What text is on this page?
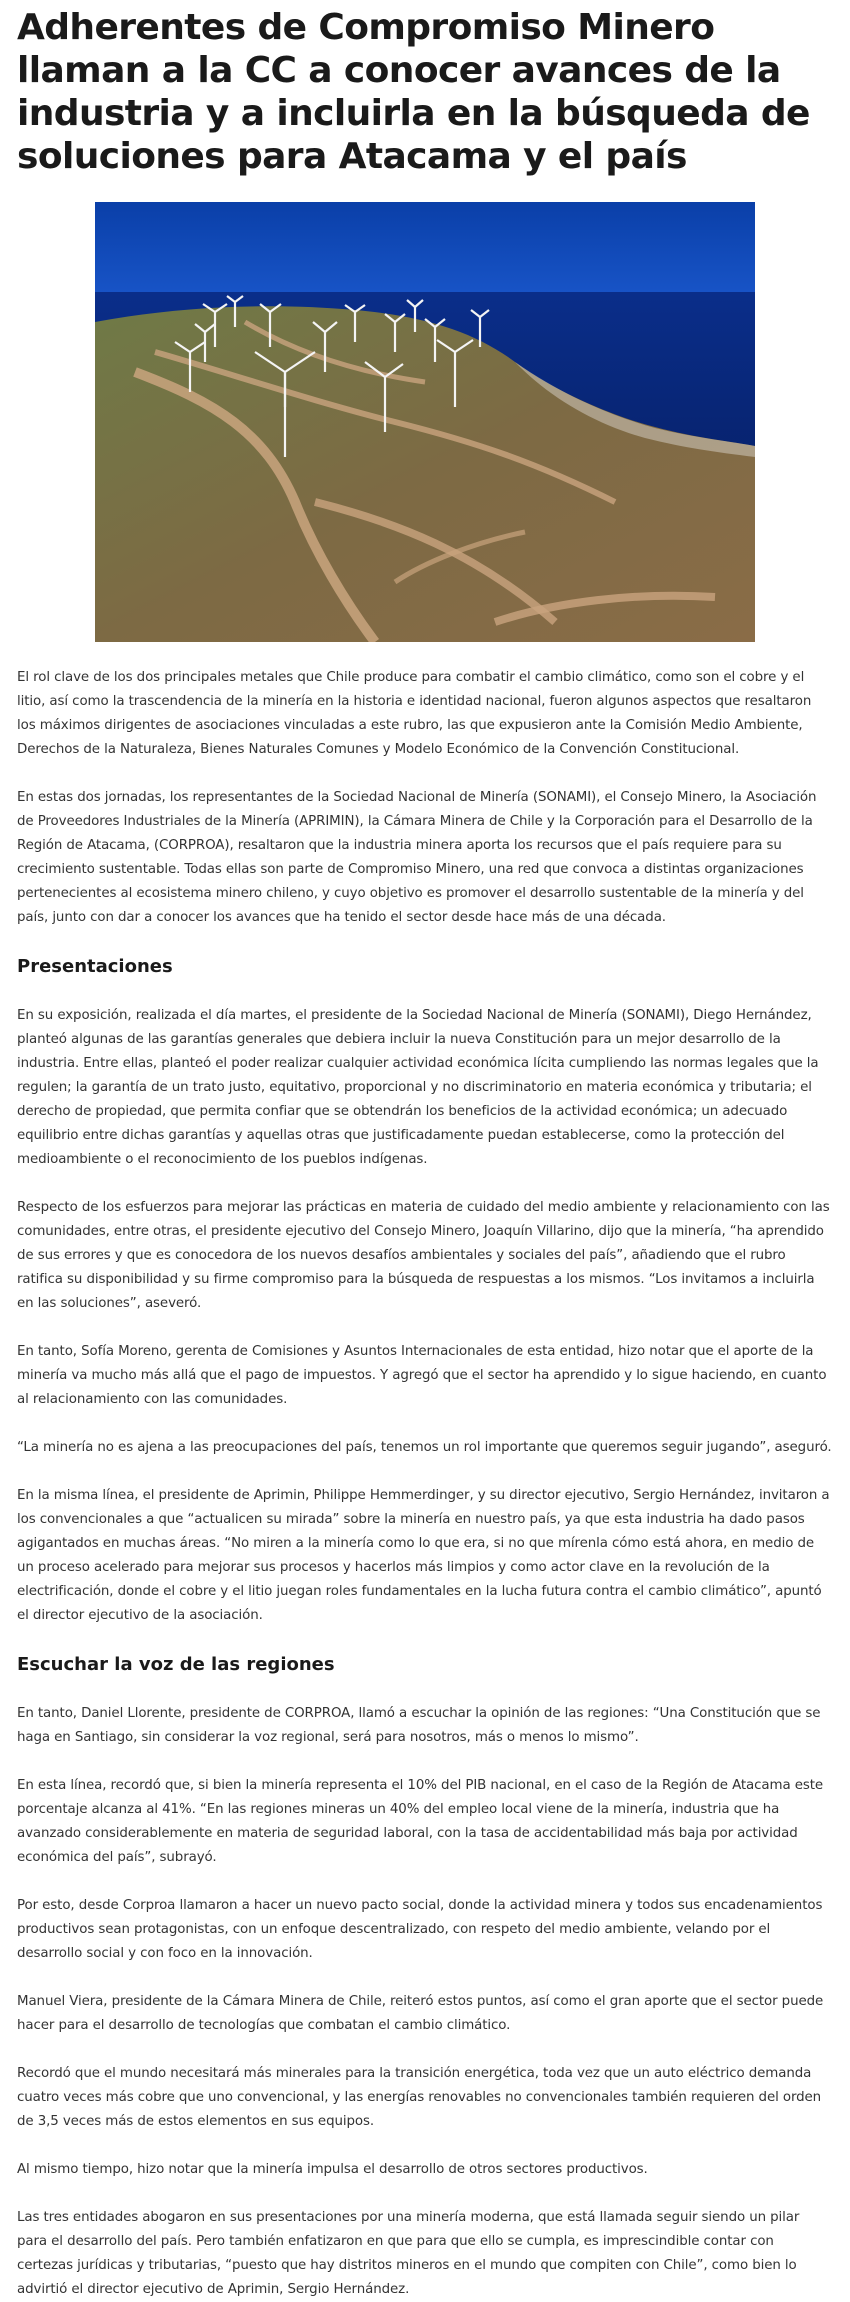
Adherentes de Compromiso Minero llaman a la CC a conocer avances de la industria y a incluirla en la búsqueda de soluciones para Atacama y el país

El rol clave de los dos principales metales que Chile produce para combatir el cambio climático, como son el cobre y el litio, así como la trascendencia de la minería en la historia e identidad nacional, fueron algunos aspectos que resaltaron los máximos dirigentes de asociaciones vinculadas a este rubro, las que expusieron ante la Comisión Medio Ambiente, Derechos de la Naturaleza, Bienes Naturales Comunes y Modelo Económico de la Convención Constitucional.

En estas dos jornadas, los representantes de la Sociedad Nacional de Minería (SONAMI), el Consejo Minero, la Asociación de Proveedores Industriales de la Minería (APRIMIN), la Cámara Minera de Chile y la Corporación para el Desarrollo de la Región de Atacama, (CORPROA), resaltaron que la industria minera aporta los recursos que el país requiere para su crecimiento sustentable. Todas ellas son parte de Compromiso Minero, una red que convoca a distintas organizaciones pertenecientes al ecosistema minero chileno, y cuyo objetivo es promover el desarrollo sustentable de la minería y del país, junto con dar a conocer los avances que ha tenido el sector desde hace más de una década.

Presentaciones

En su exposición, realizada el día martes, el presidente de la Sociedad Nacional de Minería (SONAMI), Diego Hernández, planteó algunas de las garantías generales que debiera incluir la nueva Constitución para un mejor desarrollo de la industria. Entre ellas, planteó el poder realizar cualquier actividad económica lícita cumpliendo las normas legales que la regulen; la garantía de un trato justo, equitativo, proporcional y no discriminatorio en materia económica y tributaria; el derecho de propiedad, que permita confiar que se obtendrán los beneficios de la actividad económica; un adecuado equilibrio entre dichas garantías y aquellas otras que justificadamente puedan establecerse, como la protección del medioambiente o el reconocimiento de los pueblos indígenas.

Respecto de los esfuerzos para mejorar las prácticas en materia de cuidado del medio ambiente y relacionamiento con las comunidades, entre otras, el presidente ejecutivo del Consejo Minero, Joaquín Villarino, dijo que la minería, “ha aprendido de sus errores y que es conocedora de los nuevos desafíos ambientales y sociales del país”, añadiendo que el rubro ratifica su disponibilidad y su firme compromiso para la búsqueda de respuestas a los mismos. “Los invitamos a incluirla en las soluciones”, aseveró.

En tanto, Sofía Moreno, gerenta de Comisiones y Asuntos Internacionales de esta entidad, hizo notar que el aporte de la minería va mucho más allá que el pago de impuestos. Y agregó que el sector ha aprendido y lo sigue haciendo, en cuanto al relacionamiento con las comunidades.

“La minería no es ajena a las preocupaciones del país, tenemos un rol importante que queremos seguir jugando”, aseguró.

En la misma línea, el presidente de Aprimin, Philippe Hemmerdinger, y su director ejecutivo, Sergio Hernández, invitaron a los convencionales a que “actualicen su mirada” sobre la minería en nuestro país, ya que esta industria ha dado pasos agigantados en muchas áreas. “No miren a la minería como lo que era, si no que mírenla cómo está ahora, en medio de un proceso acelerado para mejorar sus procesos y hacerlos más limpios y como actor clave en la revolución de la electrificación, donde el cobre y el litio juegan roles fundamentales en la lucha futura contra el cambio climático”, apuntó el director ejecutivo de la asociación.

Escuchar la voz de las regiones

En tanto, Daniel Llorente, presidente de CORPROA, llamó a escuchar la opinión de las regiones: “Una Constitución que se haga en Santiago, sin considerar la voz regional, será para nosotros, más o menos lo mismo”.

En esta línea, recordó que, si bien la minería representa el 10% del PIB nacional, en el caso de la Región de Atacama este porcentaje alcanza al 41%. “En las regiones mineras un 40% del empleo local viene de la minería, industria que ha avanzado considerablemente en materia de seguridad laboral, con la tasa de accidentabilidad más baja por actividad económica del país”, subrayó.

Por esto, desde Corproa llamaron a hacer un nuevo pacto social, donde la actividad minera y todos sus encadenamientos productivos sean protagonistas, con un enfoque descentralizado, con respeto del medio ambiente, velando por el desarrollo social y con foco en la innovación.

Manuel Viera, presidente de la Cámara Minera de Chile, reiteró estos puntos, así como el gran aporte que el sector puede hacer para el desarrollo de tecnologías que combatan el cambio climático.

Recordó que el mundo necesitará más minerales para la transición energética, toda vez que un auto eléctrico demanda cuatro veces más cobre que uno convencional, y las energías renovables no convencionales también requieren del orden de 3,5 veces más de estos elementos en sus equipos.

Al mismo tiempo, hizo notar que la minería impulsa el desarrollo de otros sectores productivos.

Las tres entidades abogaron en sus presentaciones por una minería moderna, que está llamada seguir siendo un pilar para el desarrollo del país. Pero también enfatizaron en que para que ello se cumpla, es imprescindible contar con certezas jurídicas y tributarias, “puesto que hay distritos mineros en el mundo que compiten con Chile”, como bien lo advirtió el director ejecutivo de Aprimin, Sergio Hernández.
